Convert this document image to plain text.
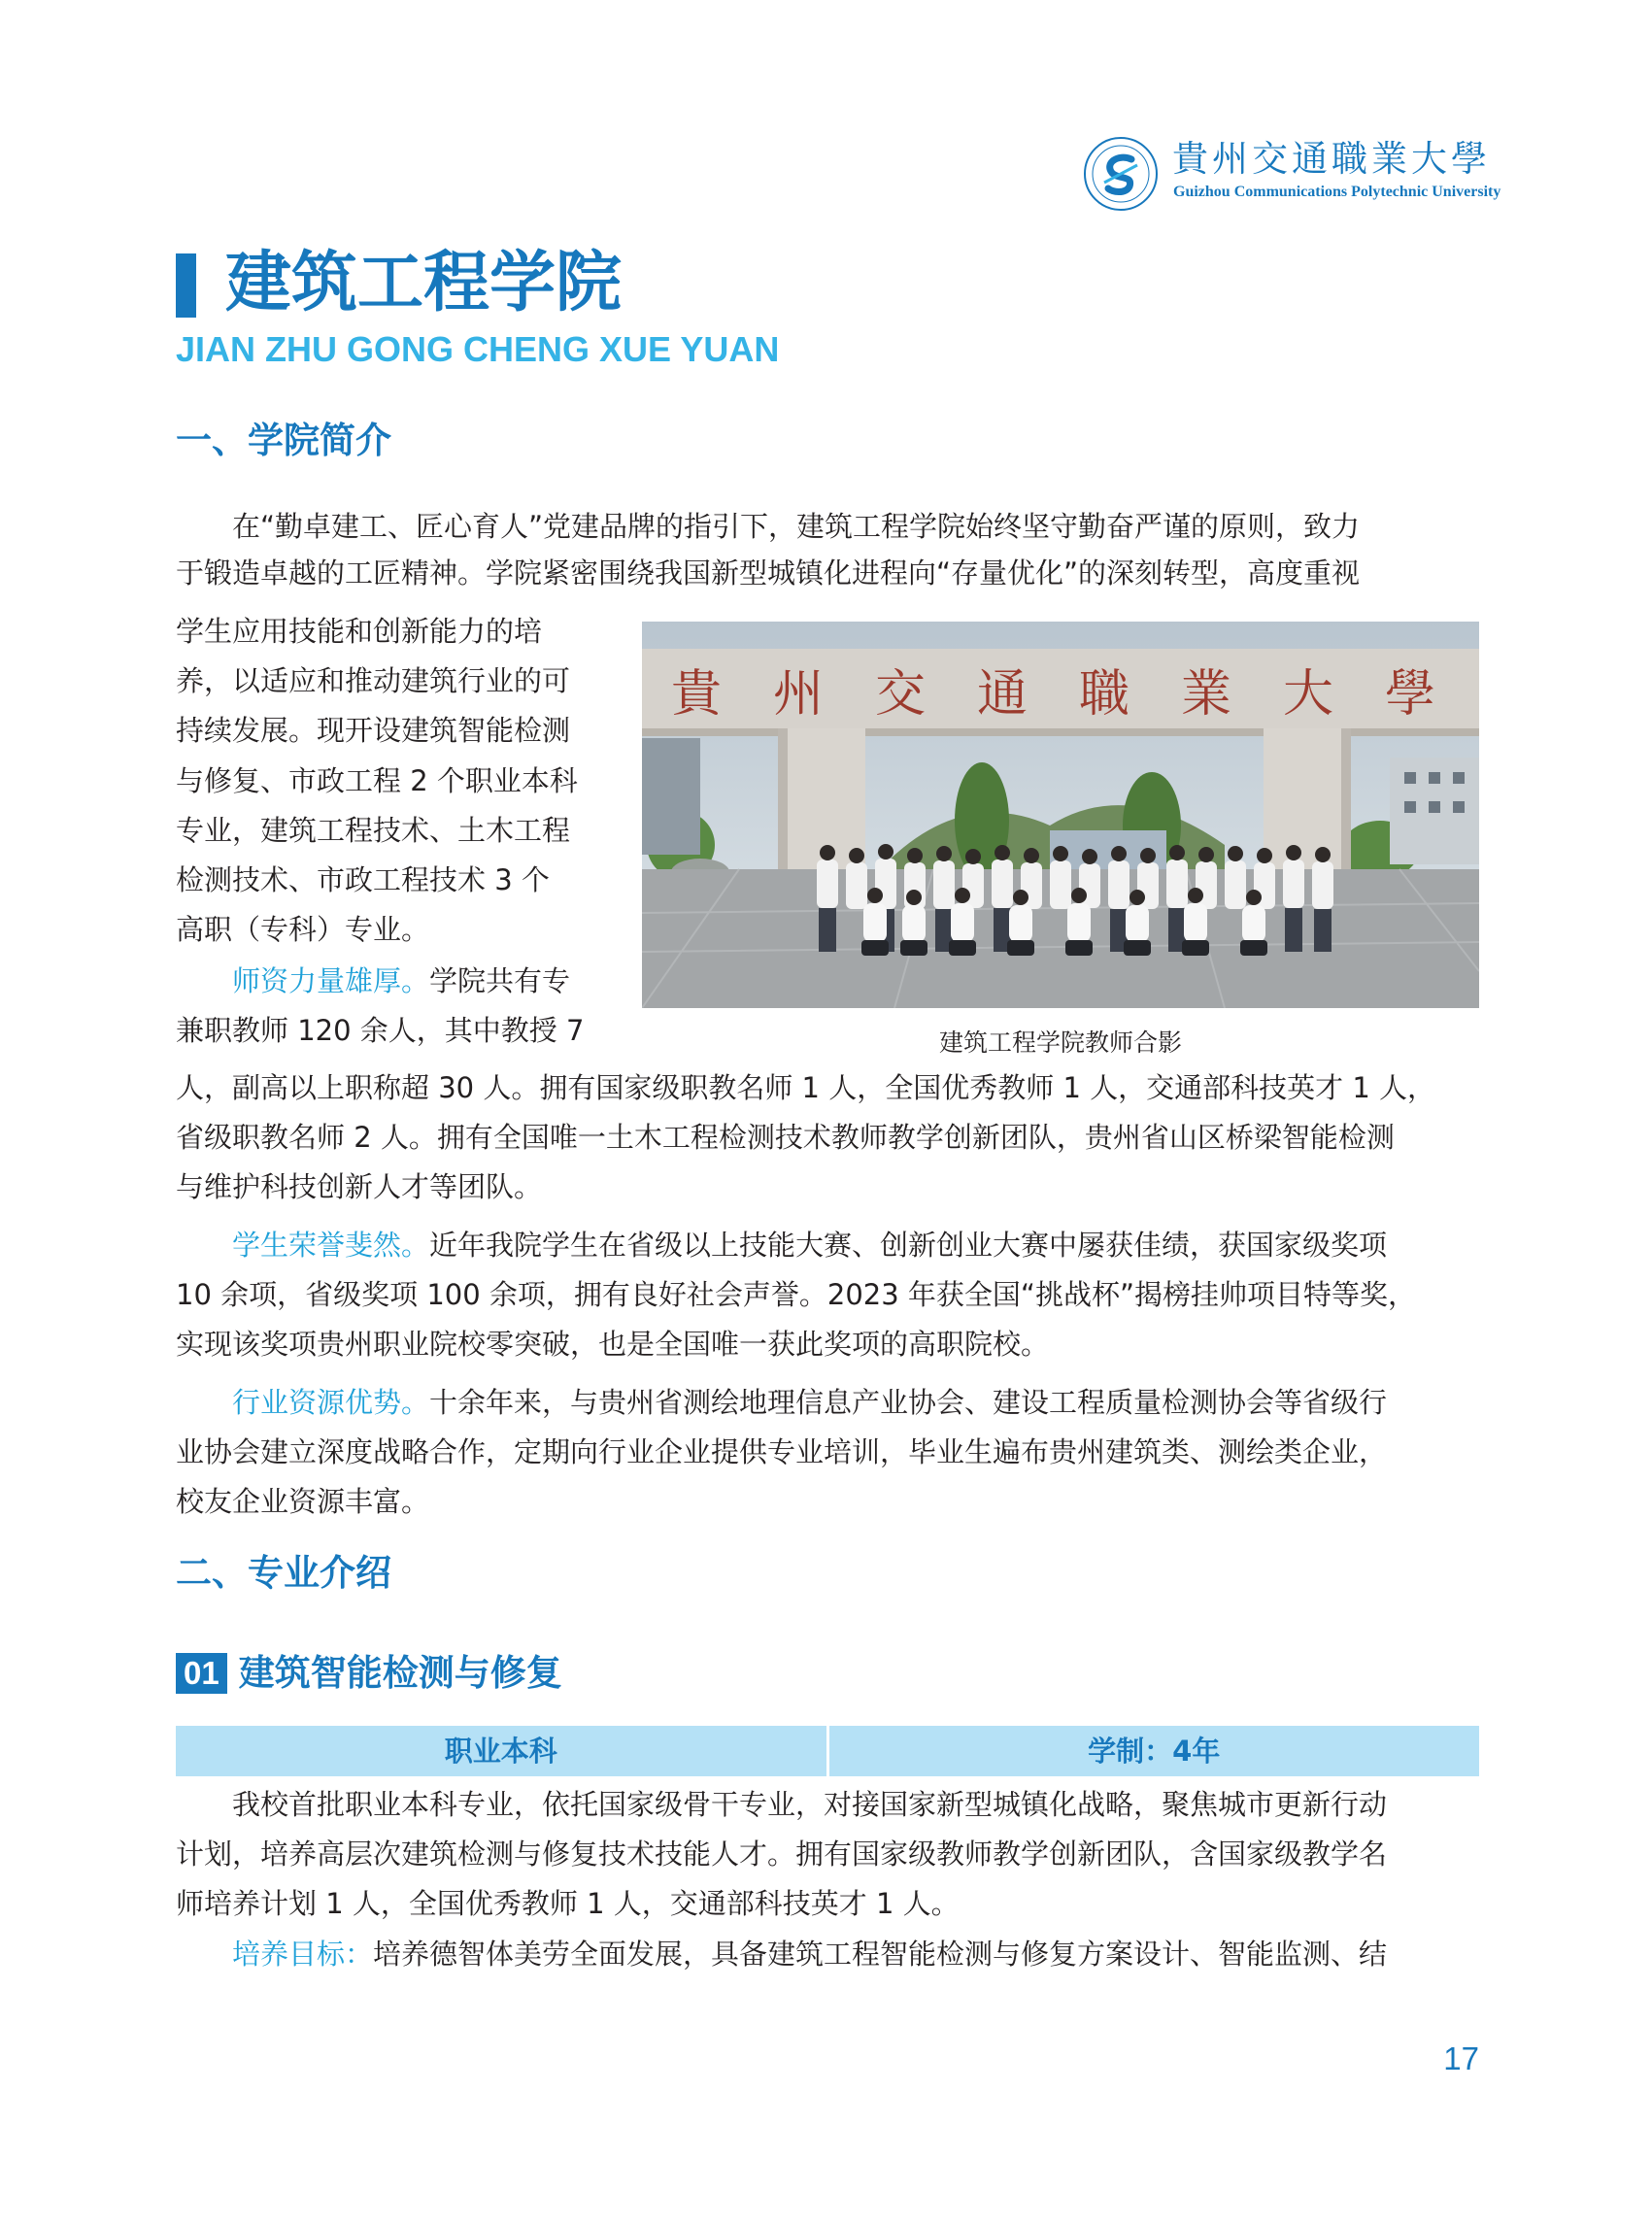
貴州交通職業大學
Guizhou Communications Polytechnic University
建筑工程学院
JIAN ZHU GONG CHENG XUE YUAN
一、学院简介

在“勤卓建工、匠心育人”党建品牌的指引下，建筑工程学院始终坚守勤奋严谨的原则，致力

于锻造卓越的工匠精神。学院紧密围绕我国新型城镇化进程向“存量优化”的深刻转型，高度重视

学生应用技能和创新能力的培

养，以适应和推动建筑行业的可

持续发展。现开设建筑智能检测

与修复、市政工程 2 个职业本科

专业，建筑工程技术、土木工程

检测技术、市政工程技术 3 个

高职（专科）专业。

师资力量雄厚。学院共有专

兼职教师 120 余人，其中教授 7

貴 州 交 通 職 業 大 學
建筑工程学院教师合影

人，副高以上职称超 30 人。拥有国家级职教名师 1 人，全国优秀教师 1 人，交通部科技英才 1 人，

省级职教名师 2 人。拥有全国唯一土木工程检测技术教师教学创新团队，贵州省山区桥梁智能检测

与维护科技创新人才等团队。

学生荣誉斐然。近年我院学生在省级以上技能大赛、创新创业大赛中屡获佳绩，获国家级奖项

10 余项，省级奖项 100 余项，拥有良好社会声誉。2023 年获全国“挑战杯”揭榜挂帅项目特等奖，

实现该奖项贵州职业院校零突破，也是全国唯一获此奖项的高职院校。

行业资源优势。十余年来，与贵州省测绘地理信息产业协会、建设工程质量检测协会等省级行

业协会建立深度战略合作，定期向行业企业提供专业培训，毕业生遍布贵州建筑类、测绘类企业，

校友企业资源丰富。

二、专业介绍
01 建筑智能检测与修复
职业本科	学制：4年

我校首批职业本科专业，依托国家级骨干专业，对接国家新型城镇化战略，聚焦城市更新行动

计划，培养高层次建筑检测与修复技术技能人才。拥有国家级教师教学创新团队，含国家级教学名

师培养计划 1 人，全国优秀教师 1 人，交通部科技英才 1 人。

培养目标：培养德智体美劳全面发展，具备建筑工程智能检测与修复方案设计、智能监测、结

17
